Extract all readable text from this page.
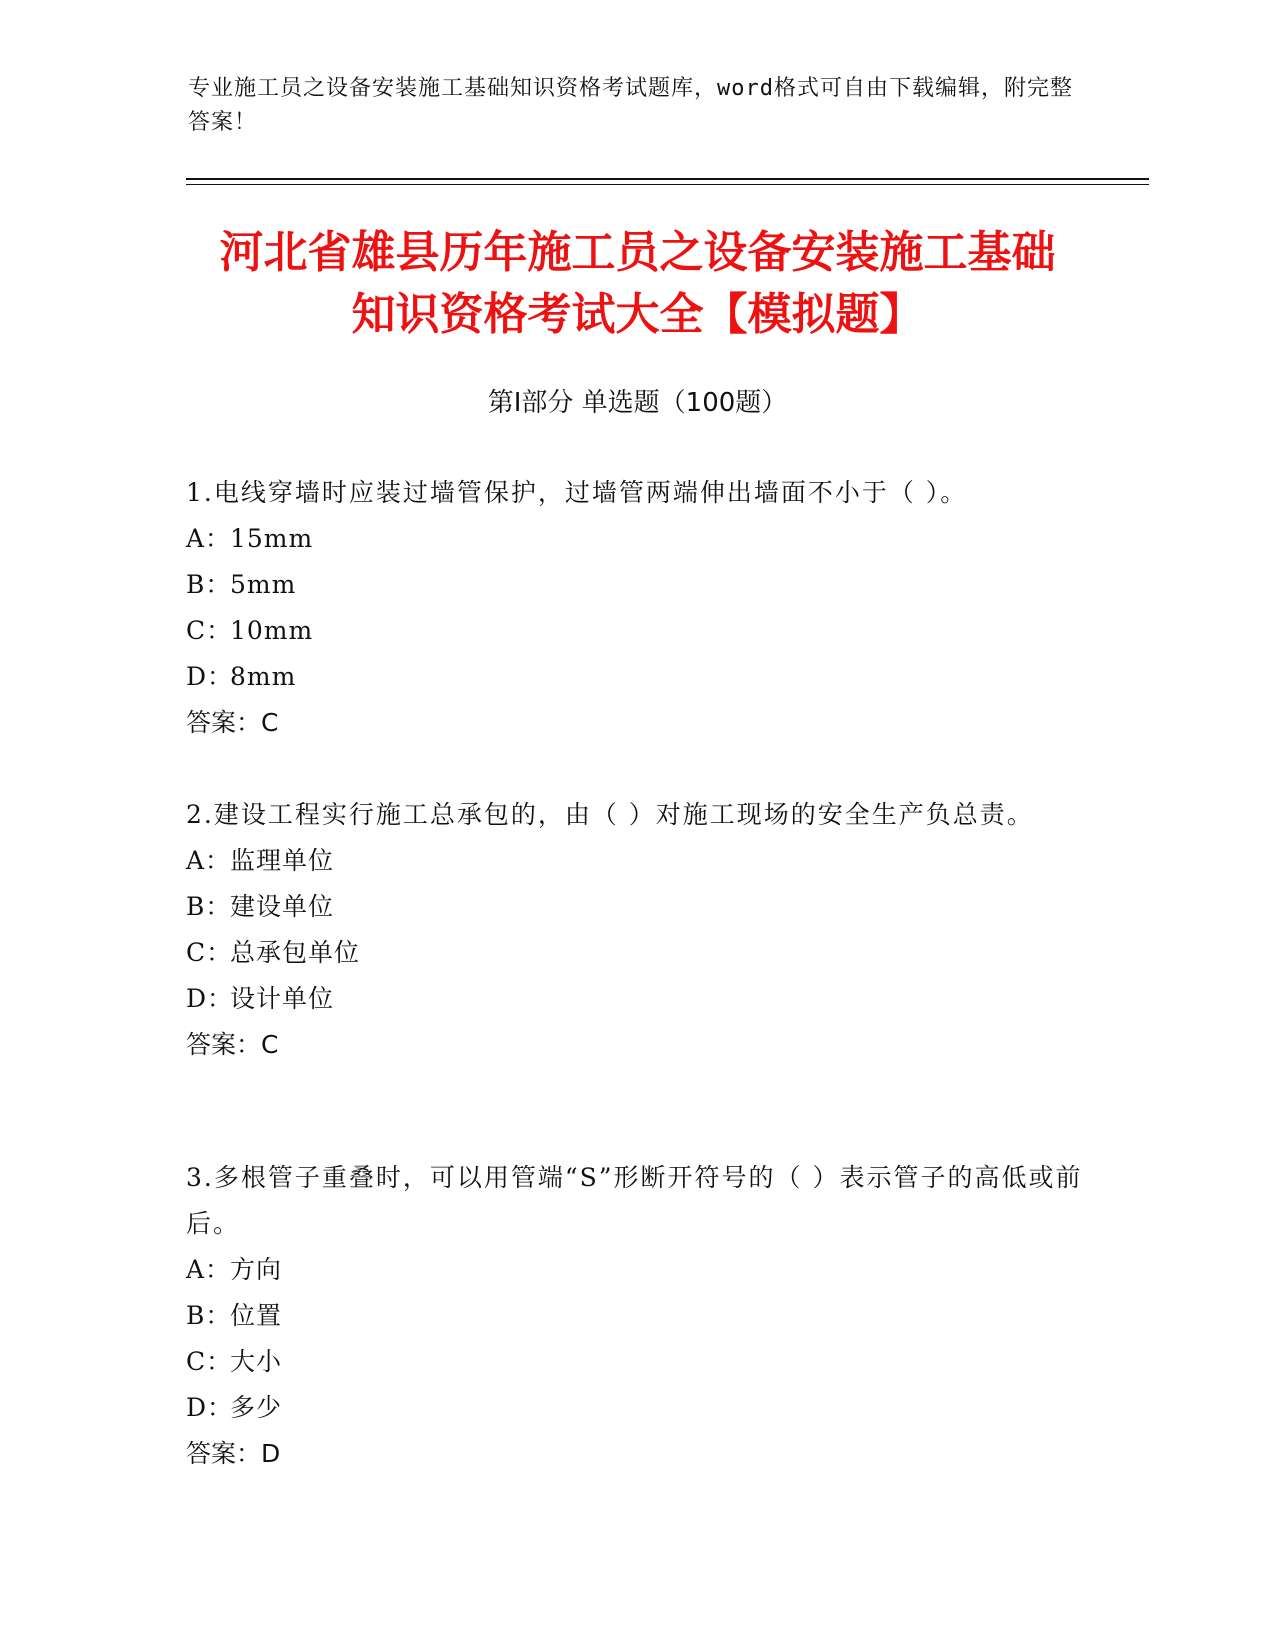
专业施工员之设备安装施工基础知识资格考试题库，word格式可自由下载编辑，附完整答案！
河北省雄县历年施工员之设备安装施工基础
知识资格考试大全【模拟题】
第Ⅰ部分 单选题（100题）
1.电线穿墙时应装过墙管保护，过墙管两端伸出墙面不小于（ ）。
A：15mm
B：5mm
C：10mm
D：8mm
答案：C
2.建设工程实行施工总承包的，由（ ）对施工现场的安全生产负总责。
A：监理单位
B：建设单位
C：总承包单位
D：设计单位
答案：C
3.多根管子重叠时，可以用管端“S”形断开符号的（ ）表示管子的高低或前后。
A：方向
B：位置
C：大小
D：多少
答案：D
